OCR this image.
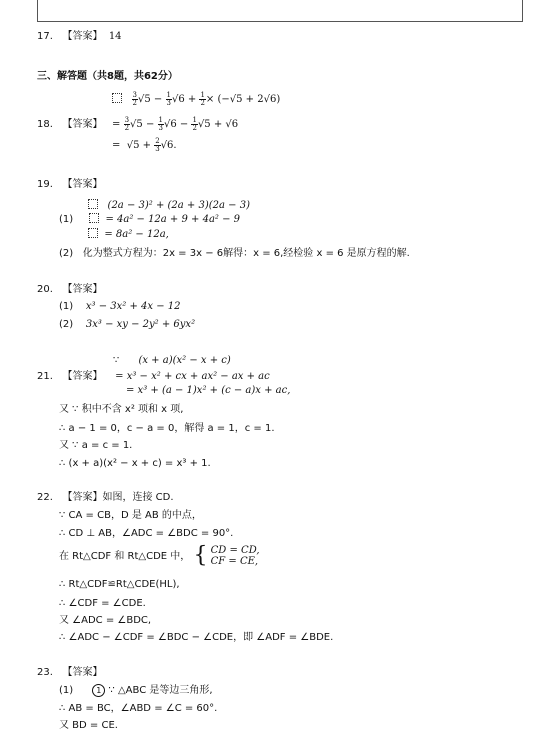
17. 【答案】 14
三、解答题（共8题，共62分）

$\frac{3}{2} √5 - \frac{1}{3} √6 + \frac{1}{2} \times (-√5 + 2√6)$
18. 【答案】 = $\frac{3}{2} √5 - \frac{1}{3} √6 - \frac{1}{2} √5 + √6$
=  $√5 + \frac{2}{3} √6$.
19. 【答案】
(2a − 3)² + (2a + 3)(2a − 3)
(1)	= 4a² − 12a + 9 + 4a² − 9
= 8a² − 12a,
(2) 化为整式方程为：2x = 3x − 6解得：x = 6,经检验 x = 6 是原方程的解.
20. 【答案】
(1) x³ − 3x² + 4x − 12
(2) 3x³ − xy − 2y² + 6yx²
∵ (x + a)(x² − x + c)
21. 【答案】 = x³ − x² + cx + ax² − ax + ac
= x³ + (a − 1)x² + (c − a)x + ac,
又 ∵ 积中不含 x² 项和 x 项,
∴ a − 1 = 0，c − a = 0，解得 a = 1，c = 1.
又 ∵ a = c = 1.
∴ (x + a)(x² − x + c) = x³ + 1.
22. 【答案】如图，连接 CD.
∵ CA = CB，D 是 AB 的中点，
∴ CD ⊥ AB，∠ADC = ∠BDC = 90°.
在 Rt△CDF 和 Rt△CDE 中， { CD = CD,
CF = CE,
∴ Rt△CDF≌Rt△CDE(HL),
∴ ∠CDF = ∠CDE.
又 ∠ADC = ∠BDC,
∴ ∠ADC − ∠CDF = ∠BDC − ∠CDE，即 ∠ADF = ∠BDE.
23. 【答案】
(1)	1 ∵ △ABC 是等边三角形,
∴ AB = BC，∠ABD = ∠C = 60°.
又 BD = CE.
